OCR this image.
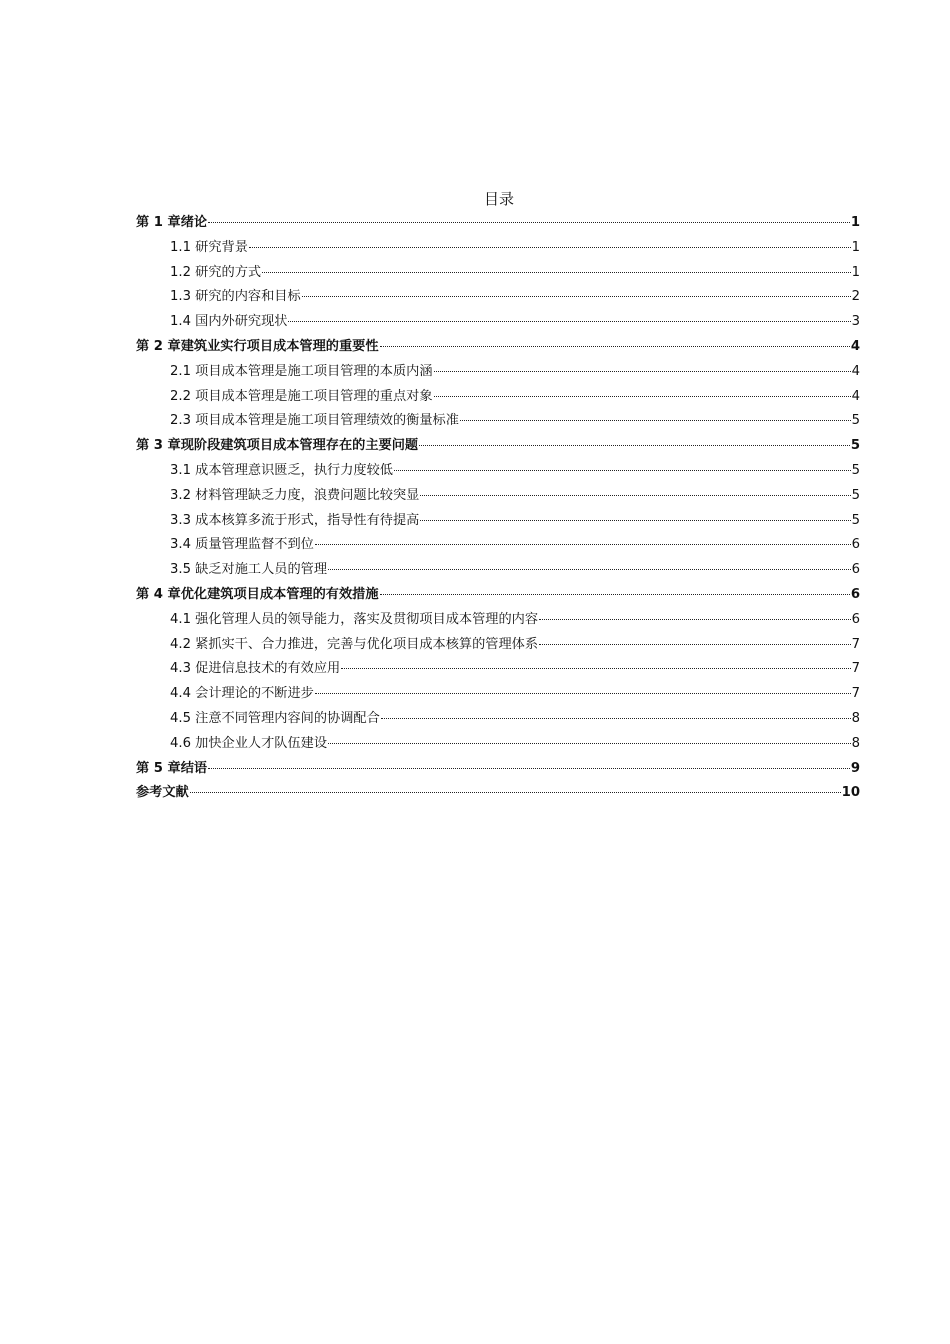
目录
第 1 章绪论	1
1.1 研究背景	1
1.2 研究的方式	1
1.3 研究的内容和目标	2
1.4 国内外研究现状	3
第 2 章建筑业实行项目成本管理的重要性	4
2.1 项目成本管理是施工项目管理的本质内涵	4
2.2 项目成本管理是施工项目管理的重点对象	4
2.3 项目成本管理是施工项目管理绩效的衡量标准	5
第 3 章现阶段建筑项目成本管理存在的主要问题	5
3.1 成本管理意识匮乏，执行力度较低	5
3.2 材料管理缺乏力度，浪费问题比较突显	5
3.3 成本核算多流于形式，指导性有待提高	5
3.4 质量管理监督不到位	6
3.5 缺乏对施工人员的管理	6
第 4 章优化建筑项目成本管理的有效措施	6
4.1 强化管理人员的领导能力，落实及贯彻项目成本管理的内容	6
4.2 紧抓实干、合力推进，完善与优化项目成本核算的管理体系	7
4.3 促进信息技术的有效应用	7
4.4 会计理论的不断进步	7
4.5 注意不同管理内容间的协调配合	8
4.6 加快企业人才队伍建设	8
第 5 章结语	9
参考文献	10
